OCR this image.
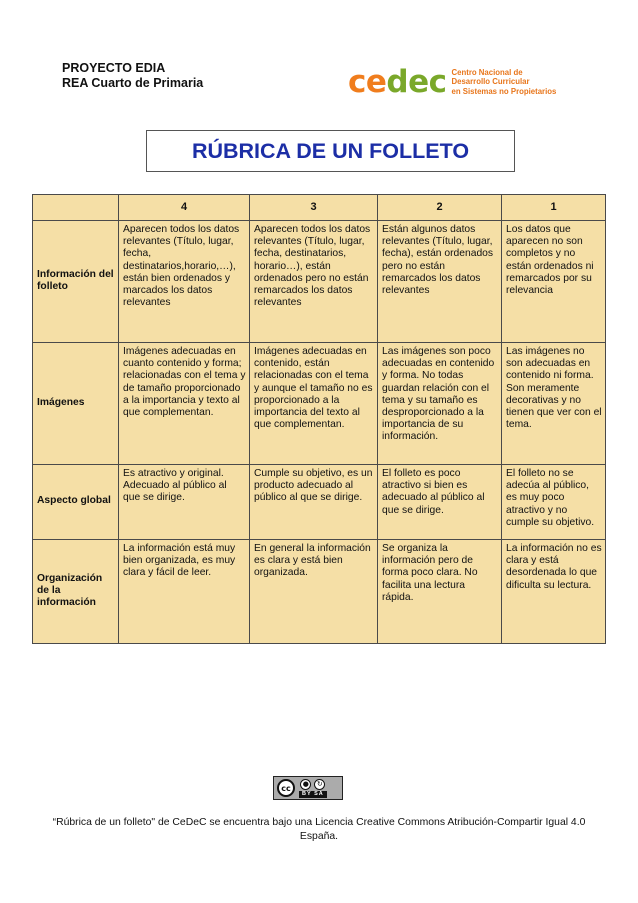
PROYECTO EDIA
REA Cuarto de Primaria	cedec Centro Nacional de
Desarrollo Curricular
en Sistemas no Propietarios
RÚBRICA DE UN FOLLETO
	4	3	2	1
Información del folleto	Aparecen todos los datos relevantes (Título, lugar, fecha, destinatarios,horario,…), están bien ordenados y marcados los datos relevantes	Aparecen todos los datos relevantes (Título, lugar, fecha, destinatarios, horario…), están ordenados pero no están remarcados los datos relevantes	Están algunos datos relevantes (Título, lugar, fecha), están ordenados pero no están remarcados los datos relevantes	Los datos que aparecen no son completos y no están ordenados ni remarcados por su relevancia
Imágenes	Imágenes adecuadas en cuanto contenido y forma; relacionadas con el tema y de tamaño proporcionado a la importancia y texto al que complementan.	Imágenes adecuadas en contenido, están relacionadas con el tema y aunque el tamaño no es proporcionado a la importancia del texto al que complementan.	Las imágenes son poco adecuadas en contenido y forma. No todas guardan relación con el tema y su tamaño es desproporcionado a la importancia de su información.	Las imágenes no son adecuadas en contenido ni forma. Son meramente decorativas y no tienen que ver con el tema.
Aspecto global	Es atractivo y original. Adecuado al público al que se dirige.	Cumple su objetivo, es un producto adecuado al público al que se dirige.	El folleto es poco atractivo si bien es adecuado al público al que se dirige.	El folleto no se adecúa al público, es muy poco atractivo y no cumple su objetivo.
Organización de la información	La información está muy bien organizada, es muy clara y fácil de leer.	En general la información es clara y está bien organizada.	Se organiza la información pero de forma poco clara. No facilita una lectura rápida.	La información no es clara y está desordenada lo que dificulta su lectura.
cc	●	↻
BY SA
“Rúbrica de un folleto" de CeDeC se encuentra bajo una Licencia Creative Commons Atribución-Compartir Igual 4.0 España.
